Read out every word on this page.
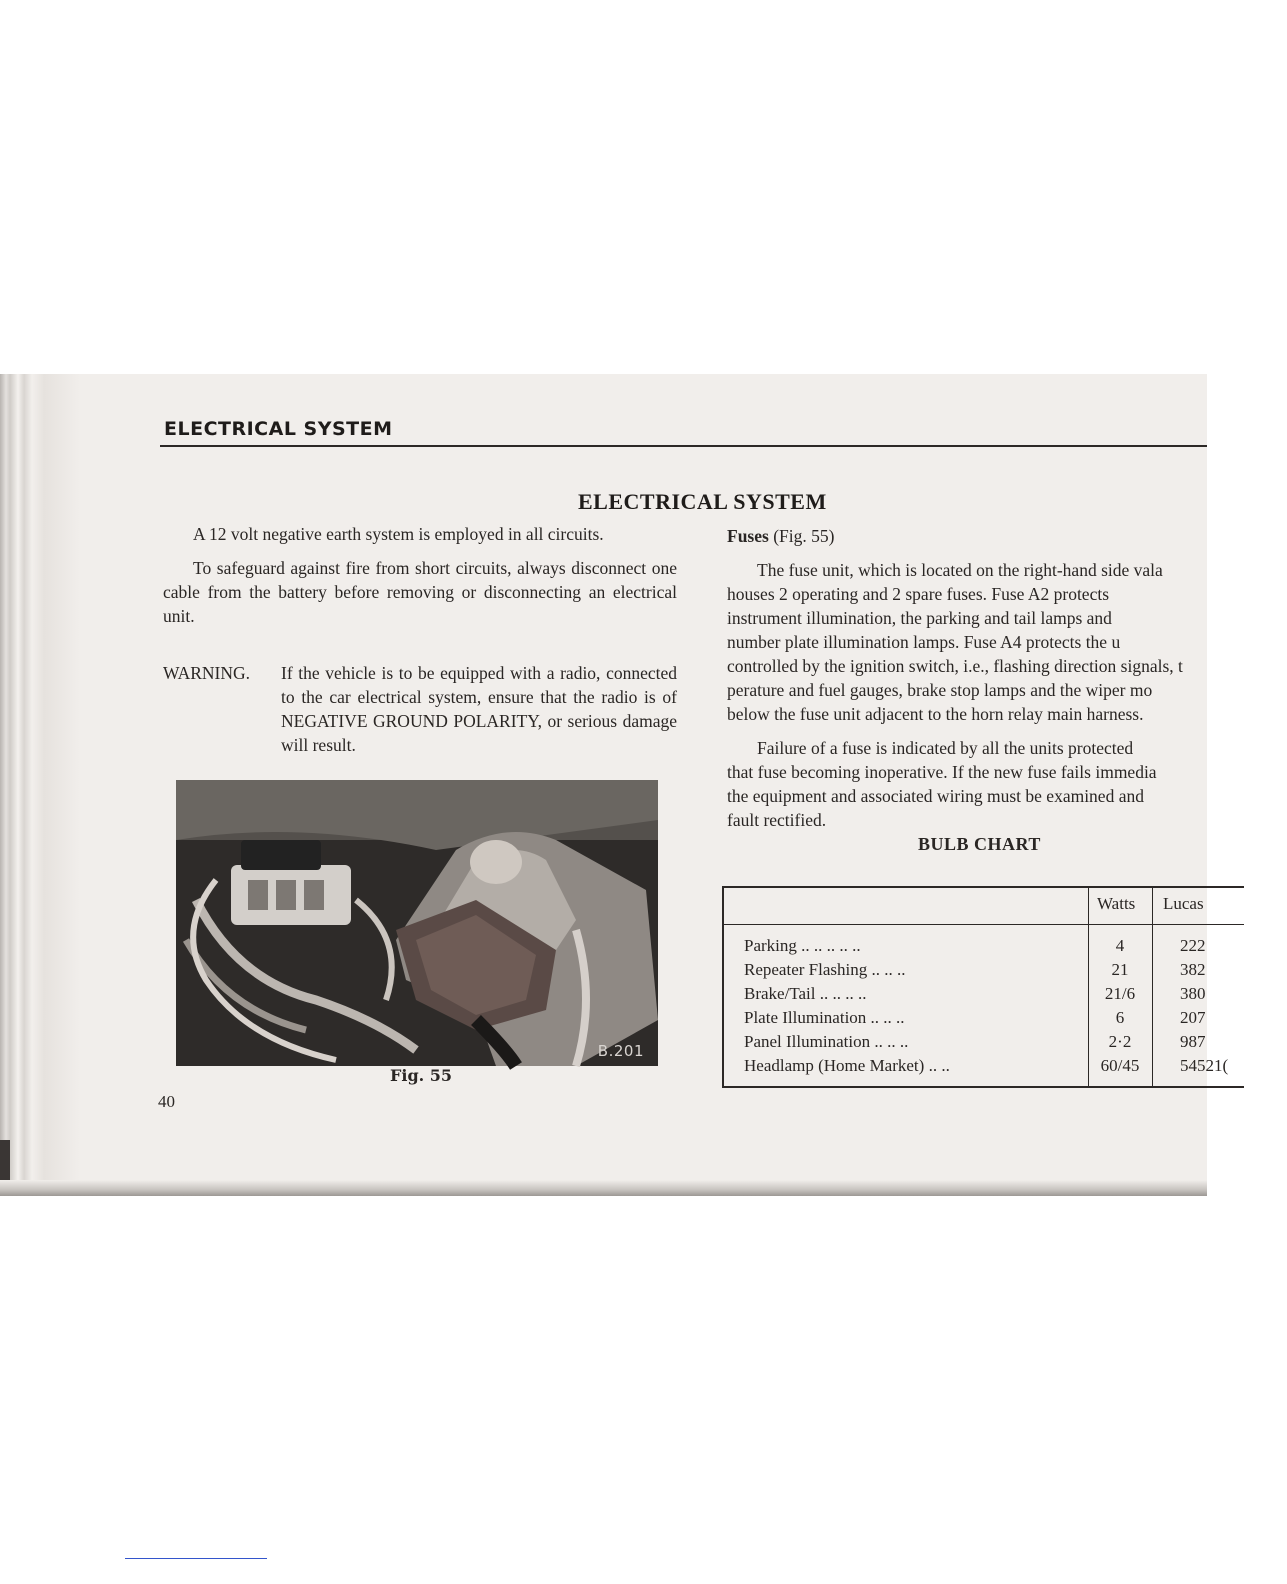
ELECTRICAL SYSTEM
ELECTRICAL SYSTEM

A 12 volt negative earth system is employed in all circuits.

To safeguard against fire from short circuits, always disconnect one cable from the battery before removing or disconnecting an electrical unit.

WARNING.	If the vehicle is to be equipped with a radio, connected to the car electrical system, ensure that the radio is of NEGATIVE GROUND POLARITY, or serious damage will result.
B.201
Fig. 55
40

Fuses (Fig. 55)

The fuse unit, which is located on the right-hand side vala
houses 2 operating and 2 spare fuses. Fuse A2 protects
instrument illumination, the parking and tail lamps and
number plate illumination lamps. Fuse A4 protects the u
controlled by the ignition switch, i.e., flashing direction signals, t
perature and fuel gauges, brake stop lamps and the wiper mo
below the fuse unit adjacent to the horn relay main harness.
Failure of a fuse is indicated by all the units protected
that fuse becoming inoperative. If the new fuse fails immedia
the equipment and associated wiring must be examined and
fault rectified.
BULB CHART
Watts Lucas
Parking .. .. .. .. ..	4	222
Repeater Flashing .. .. ..	21	382
Brake/Tail .. .. .. ..	21/6	380
Plate Illumination .. .. ..	6	207
Panel Illumination .. .. ..	2·2	987
Headlamp (Home Market) .. ..	60/45	54521(
